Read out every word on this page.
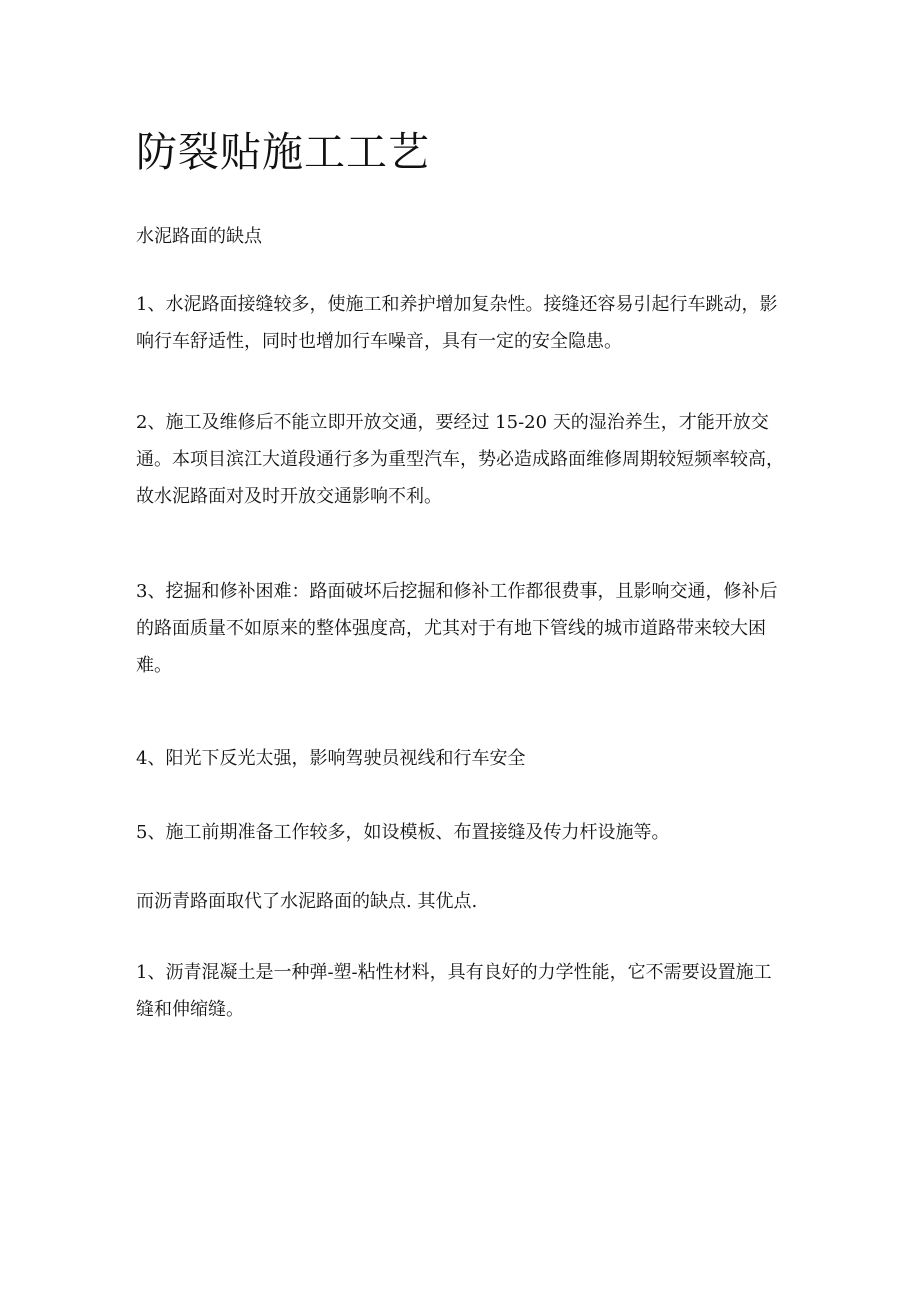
防裂贴施工工艺

水泥路面的缺点

1、水泥路面接缝较多，使施工和养护增加复杂性。接缝还容易引起行车跳动，影响行车舒适性，同时也增加行车噪音，具有一定的安全隐患。

2、施工及维修后不能立即开放交通，要经过 15-20 天的湿治养生，才能开放交通。本项目滨江大道段通行多为重型汽车，势必造成路面维修周期较短频率较高，故水泥路面对及时开放交通影响不利。

3、挖掘和修补困难：路面破坏后挖掘和修补工作都很费事，且影响交通，修补后的路面质量不如原来的整体强度高，尤其对于有地下管线的城市道路带来较大困难。

4、阳光下反光太强，影响驾驶员视线和行车安全

5、施工前期准备工作较多，如设模板、布置接缝及传力杆设施等。

而沥青路面取代了水泥路面的缺点. 其优点.

1、沥青混凝土是一种弹-塑-粘性材料，具有良好的力学性能，它不需要设置施工缝和伸缩缝。
